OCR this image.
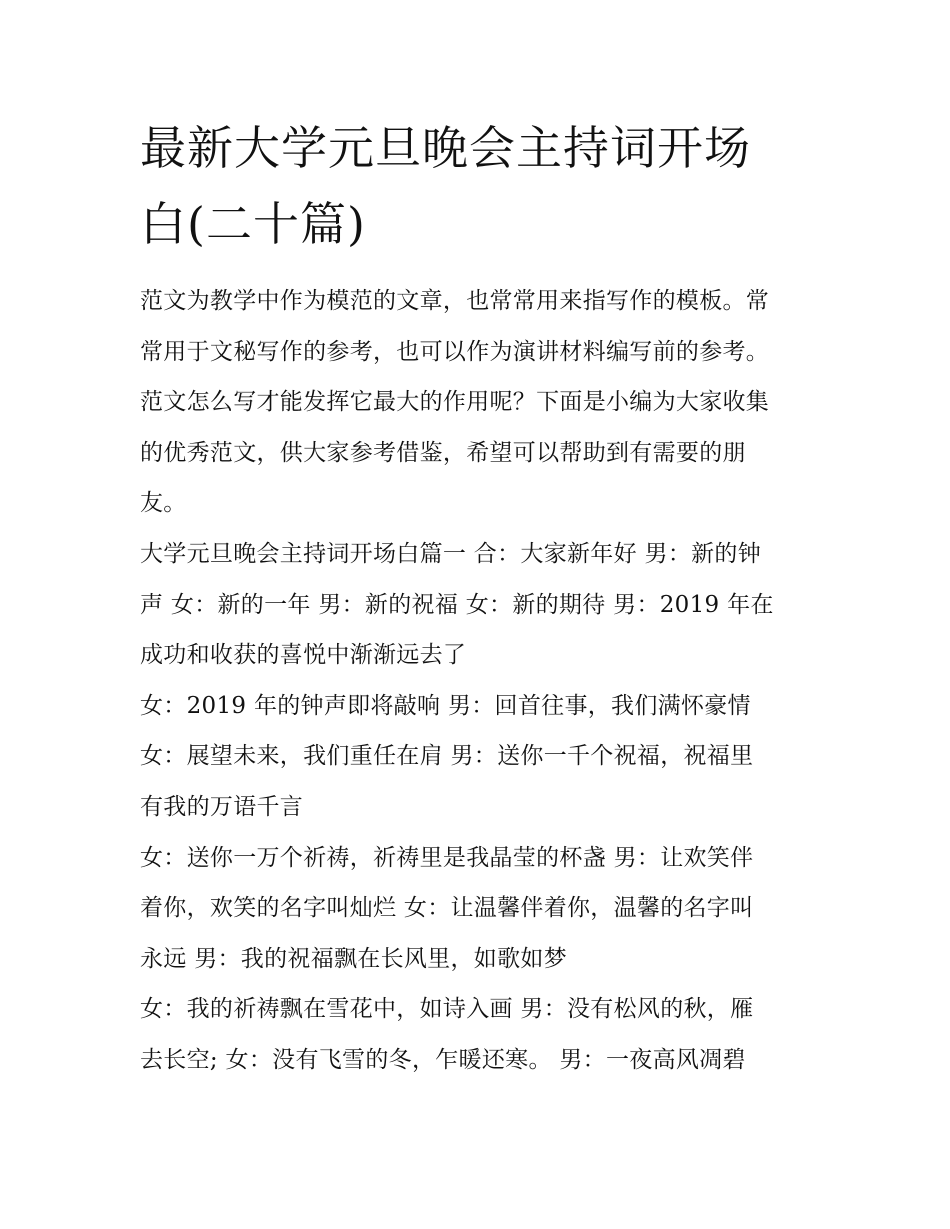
最新大学元旦晚会主持词开场
白(二十篇)

范文为教学中作为模范的文章，也常常用来指写作的模板。常
常用于文秘写作的参考，也可以作为演讲材料编写前的参考。
范文怎么写才能发挥它最大的作用呢？下面是小编为大家收集
的优秀范文，供大家参考借鉴，希望可以帮助到有需要的朋
友。

大学元旦晚会主持词开场白篇一 合：大家新年好 男：新的钟
声 女：新的一年 男：新的祝福 女：新的期待 男：2019 年在
成功和收获的喜悦中渐渐远去了

女：2019 年的钟声即将敲响 男：回首往事，我们满怀豪情

女：展望未来，我们重任在肩 男：送你一千个祝福，祝福里
有我的万语千言

女：送你一万个祈祷，祈祷里是我晶莹的杯盏 男：让欢笑伴
着你，欢笑的名字叫灿烂 女：让温馨伴着你，温馨的名字叫
永远 男：我的祝福飘在长风里，如歌如梦

女：我的祈祷飘在雪花中，如诗入画 男：没有松风的秋，雁
去长空; 女：没有飞雪的冬，乍暖还寒。 男：一夜高风凋碧
